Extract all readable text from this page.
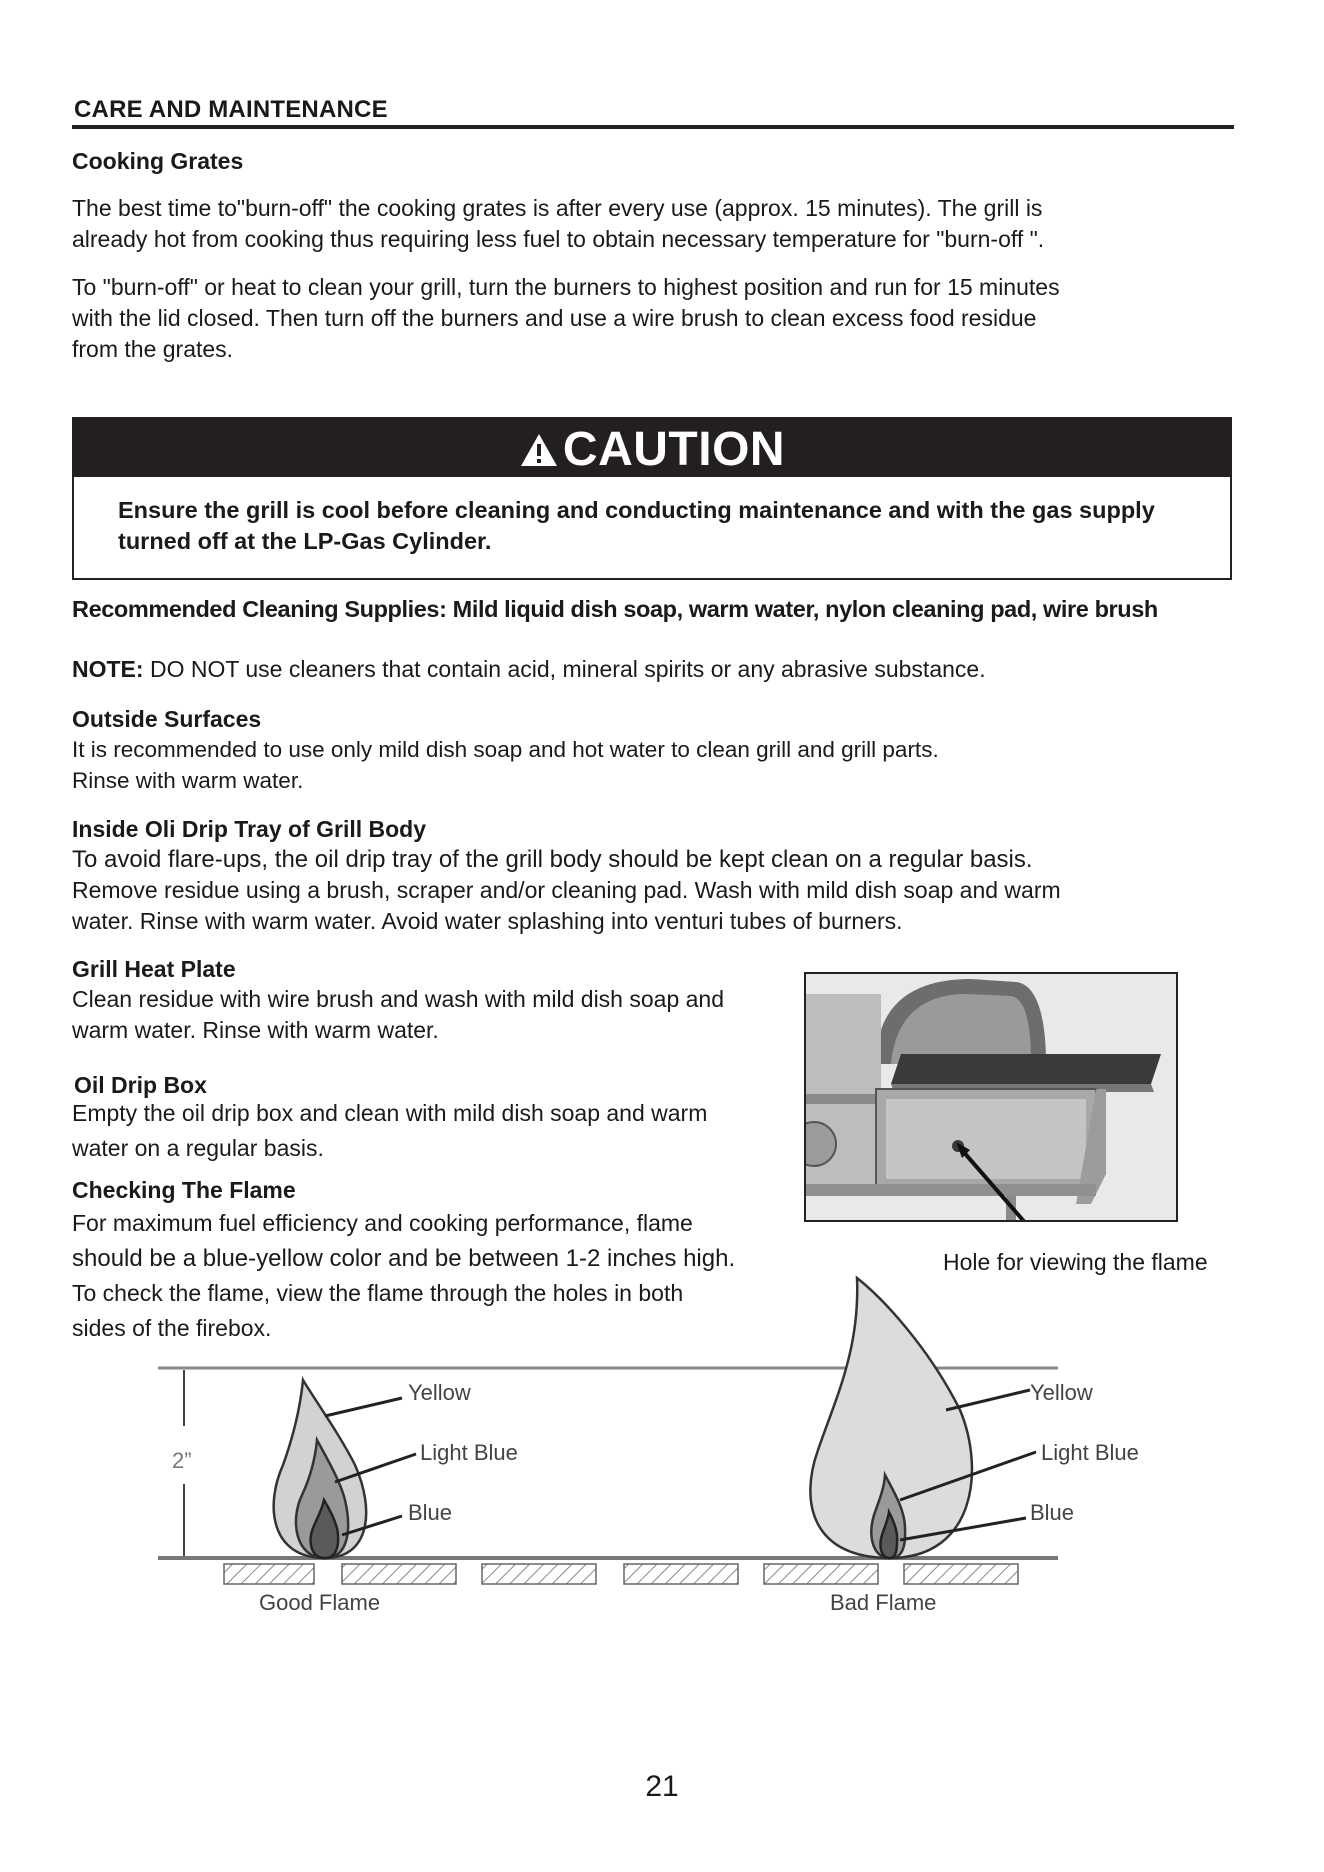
CARE AND MAINTENANCE
Cooking Grates
The best time to"burn-off" the cooking grates is after every use (approx. 15 minutes). The grill is
already hot from cooking thus requiring less fuel to obtain necessary temperature for "burn-off ".
To "burn-off" or heat to clean your grill, turn the burners to highest position and run for 15 minutes
with the lid closed. Then turn off the burners and use a wire brush to clean excess food residue
from the grates.
CAUTION
Ensure the grill is cool before cleaning and conducting maintenance and with the gas supply
turned off at the LP-Gas Cylinder.
Recommended Cleaning Supplies: Mild liquid dish soap, warm water, nylon cleaning pad, wire brush
NOTE: DO NOT use cleaners that contain acid, mineral spirits or any abrasive substance.
Outside Surfaces
It is recommended to use only mild dish soap and hot water to clean grill and grill parts.
Rinse with warm water.
Inside Oli Drip Tray of Grill Body
To avoid flare-ups, the oil drip tray of the grill body should be kept clean on a regular basis.
Remove residue using a brush, scraper and/or cleaning pad. Wash with mild dish soap and warm
water. Rinse with warm water. Avoid water splashing into venturi tubes of burners.
Grill Heat Plate
Clean residue with wire brush and wash with mild dish soap and
warm water. Rinse with warm water.
Oil Drip Box
Empty the oil drip box and clean with mild dish soap and warm
water on a regular basis.
Checking The Flame
For maximum fuel efficiency and cooking performance, flame
should be a blue-yellow color and be between 1-2 inches high.
To check the flame, view the flame through the holes in both
sides of the firebox.
Hole for viewing the flame
2”
Yellow
Light Blue
Blue
Good Flame
Yellow
Light Blue
Blue
Bad Flame
21
